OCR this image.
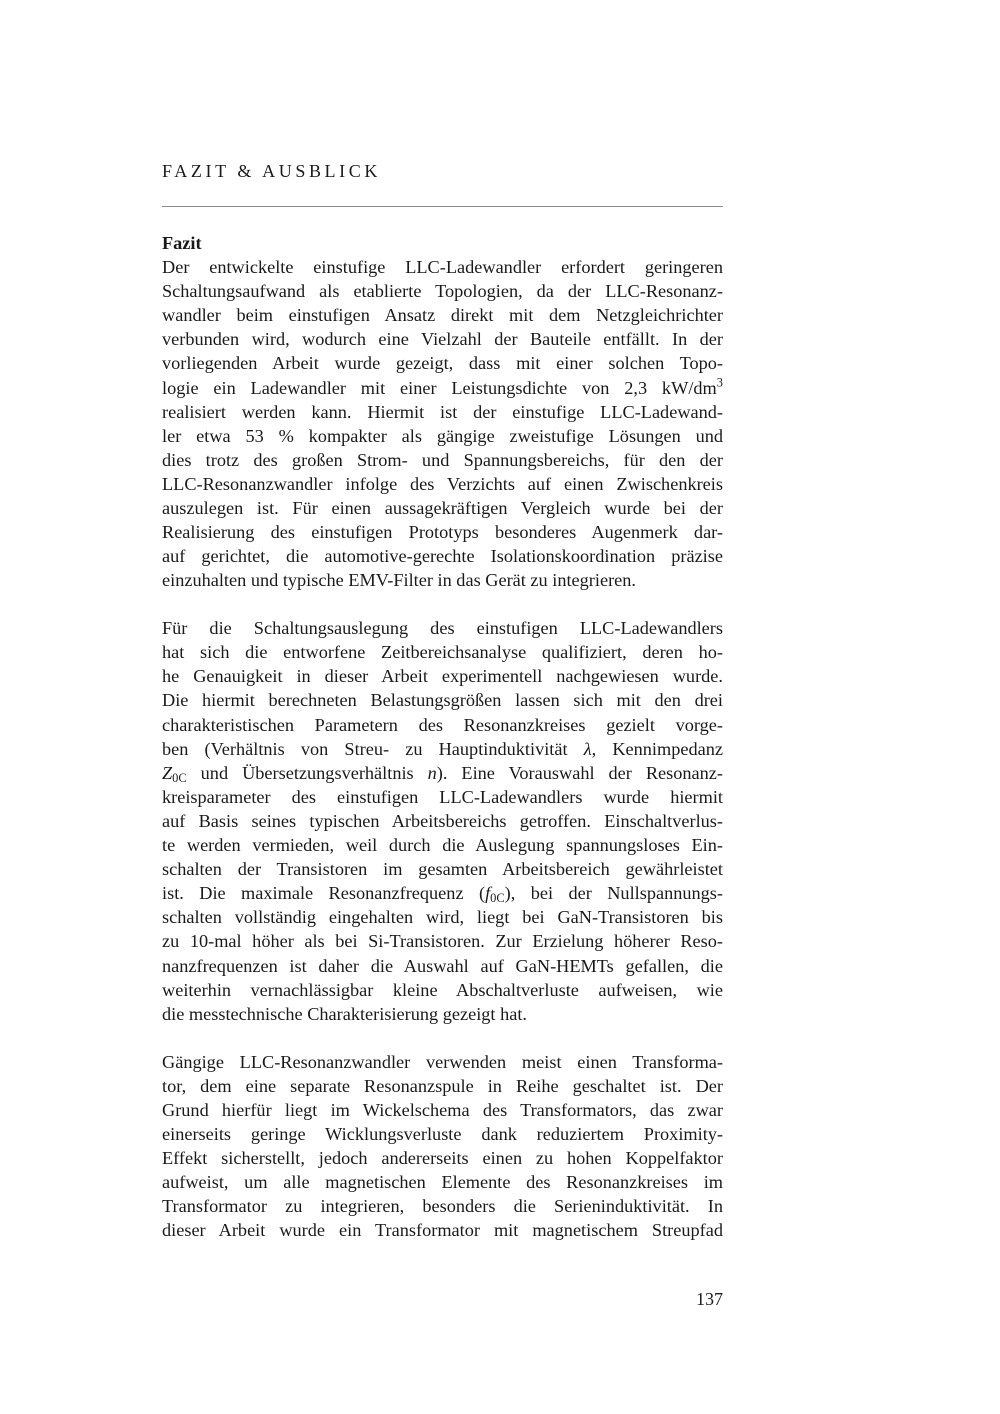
FAZIT & AUSBLICK
Fazit
Der entwickelte einstufige LLC-Ladewandler erfordert geringeren
Schaltungsaufwand als etablierte Topologien, da der LLC-Resonanz-
wandler beim einstufigen Ansatz direkt mit dem Netzgleichrichter
verbunden wird, wodurch eine Vielzahl der Bauteile entfällt. In der
vorliegenden Arbeit wurde gezeigt, dass mit einer solchen Topo-
logie ein Ladewandler mit einer Leistungsdichte von 2,3 $kW/dm^3$
realisiert werden kann. Hiermit ist der einstufige LLC-Ladewand-
ler etwa 53 % kompakter als gängige zweistufige Lösungen und
dies trotz des großen Strom- und Spannungsbereichs, für den der
LLC-Resonanzwandler infolge des Verzichts auf einen Zwischenkreis
auszulegen ist. Für einen aussagekräftigen Vergleich wurde bei der
Realisierung des einstufigen Prototyps besonderes Augenmerk dar-
auf gerichtet, die automotive-gerechte Isolationskoordination präzise
einzuhalten und typische EMV-Filter in das Gerät zu integrieren.
Für die Schaltungsauslegung des einstufigen LLC-Ladewandlers
hat sich die entworfene Zeitbereichsanalyse qualifiziert, deren ho-
he Genauigkeit in dieser Arbeit experimentell nachgewiesen wurde.
Die hiermit berechneten Belastungsgrößen lassen sich mit den drei
charakteristischen Parametern des Resonanzkreises gezielt vorge-
ben (Verhältnis von Streu- zu Hauptinduktivität λ, Kennimpedanz
$Z_{0C}$ und Übersetzungsverhältnis n). Eine Vorauswahl der Resonanz-
kreisparameter des einstufigen LLC-Ladewandlers wurde hiermit
auf Basis seines typischen Arbeitsbereichs getroffen. Einschaltverlus-
te werden vermieden, weil durch die Auslegung spannungsloses Ein-
schalten der Transistoren im gesamten Arbeitsbereich gewährleistet
ist. Die maximale Resonanzfrequenz $(f_{0C})$, bei der Nullspannungs-
schalten vollständig eingehalten wird, liegt bei GaN-Transistoren bis
zu 10-mal höher als bei Si-Transistoren. Zur Erzielung höherer Reso-
nanzfrequenzen ist daher die Auswahl auf GaN-HEMTs gefallen, die
weiterhin vernachlässigbar kleine Abschaltverluste aufweisen, wie
die messtechnische Charakterisierung gezeigt hat.
Gängige LLC-Resonanzwandler verwenden meist einen Transforma-
tor, dem eine separate Resonanzspule in Reihe geschaltet ist. Der
Grund hierfür liegt im Wickelschema des Transformators, das zwar
einerseits geringe Wicklungsverluste dank reduziertem Proximity-
Effekt sicherstellt, jedoch andererseits einen zu hohen Koppelfaktor
aufweist, um alle magnetischen Elemente des Resonanzkreises im
Transformator zu integrieren, besonders die Serieninduktivität. In
dieser Arbeit wurde ein Transformator mit magnetischem Streupfad
137
